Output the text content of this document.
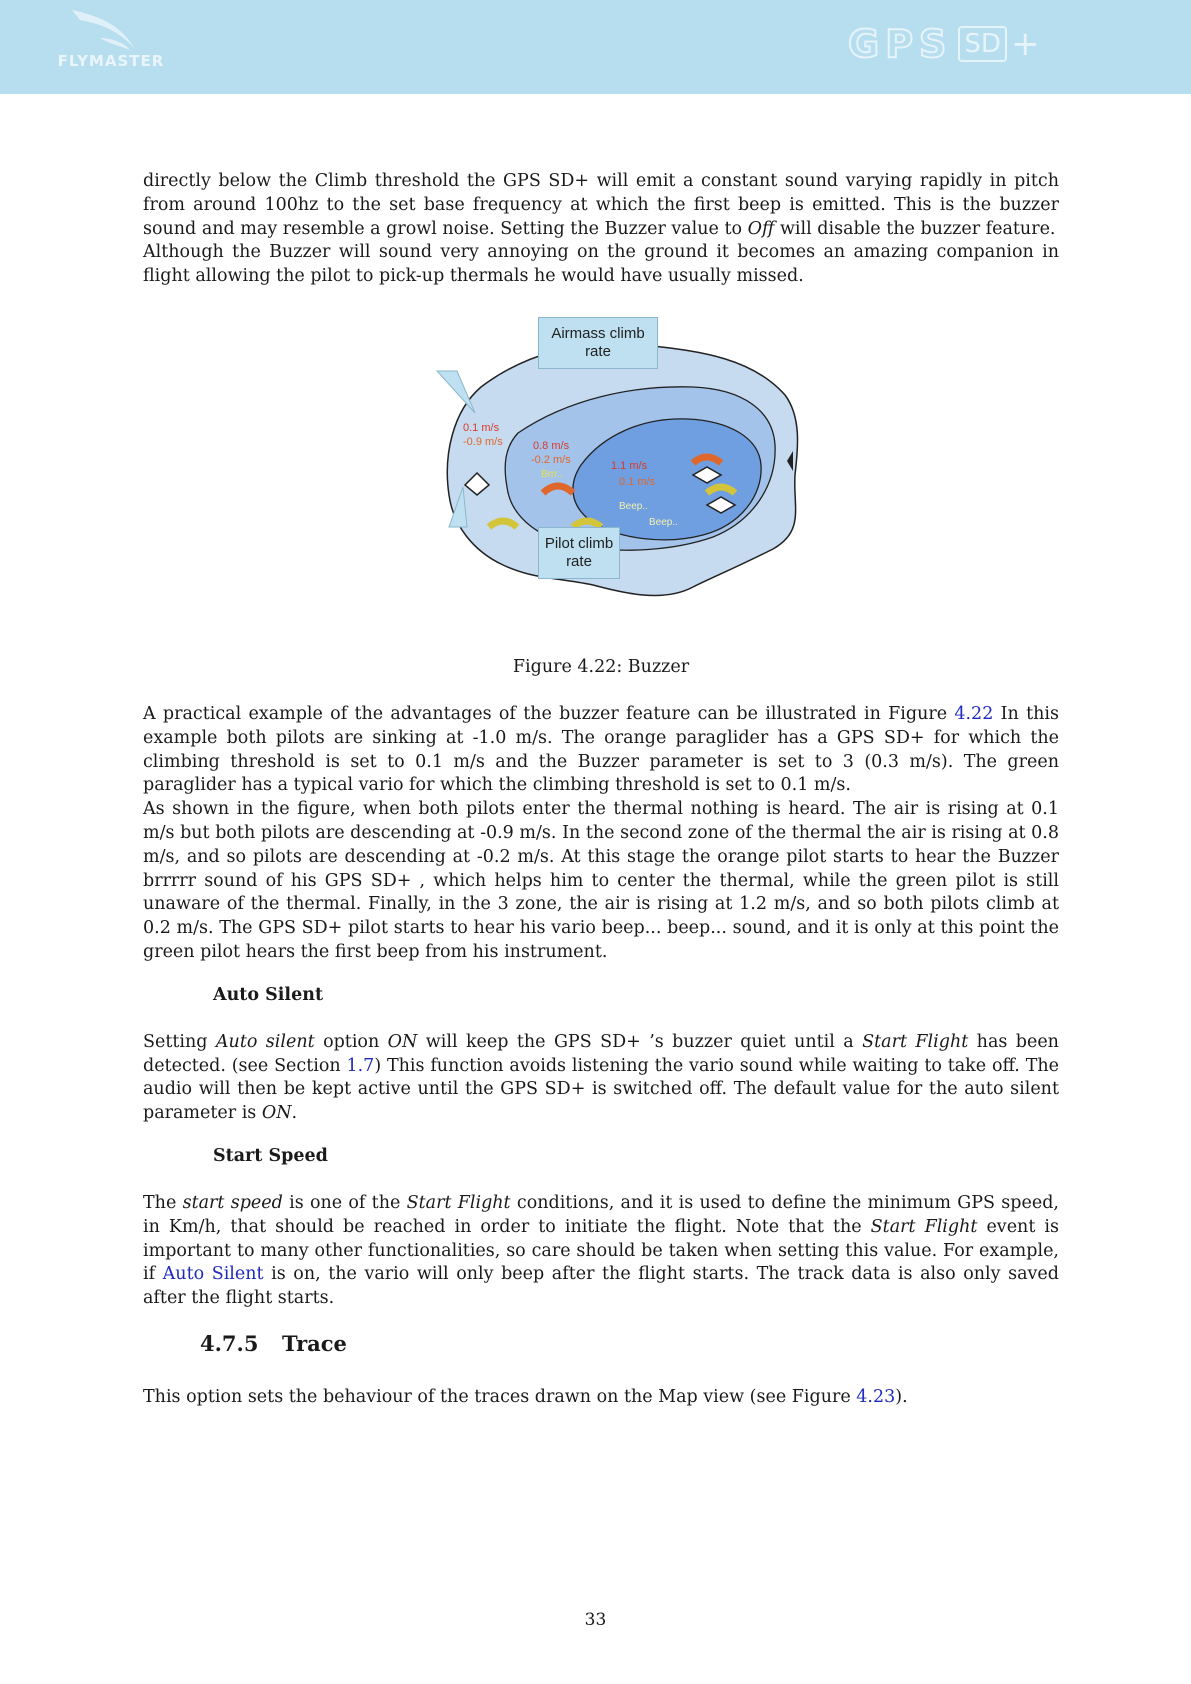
FLYMASTER	GPS SD +

directly below the Climb threshold the GPS SD+ will emit a constant sound varying rapidly in pitch from around 100hz to the set base frequency at which the first beep is emitted. This is the buzzer sound and may resemble a growl noise. Setting the Buzzer value to Off will disable the buzzer feature.
Although the Buzzer will sound very annoying on the ground it becomes an amazing companion in flight allowing the pilot to pick-up thermals he would have usually missed.

0.1 m/s
-0.9 m/s	0.8 m/s
-0.2 m/s
Brrr..
1.1 m/s
0.1 m/s
Beep..
Beep..
Airmass climb
rate
Pilot climb
rate
Figure 4.22: Buzzer

A practical example of the advantages of the buzzer feature can be illustrated in Figure 4.22 In this example both pilots are sinking at -1.0 m/s. The orange paraglider has a GPS SD+ for which the climbing threshold is set to 0.1 m/s and the Buzzer parameter is set to 3 (0.3 m/s). The green paraglider has a typical vario for which the climbing threshold is set to 0.1 m/s.
As shown in the figure, when both pilots enter the thermal nothing is heard. The air is rising at 0.1 m/s but both pilots are descending at -0.9 m/s. In the second zone of the thermal the air is rising at 0.8 m/s, and so pilots are descending at -0.2 m/s. At this stage the orange pilot starts to hear the Buzzer brrrrr sound of his GPS SD+ , which helps him to center the thermal, while the green pilot is still unaware of the thermal. Finally, in the 3 zone, the air is rising at 1.2 m/s, and so both pilots climb at 0.2 m/s. The GPS SD+ pilot starts to hear his vario beep... beep... sound, and it is only at this point the green pilot hears the first beep from his instrument.

Auto Silent

Setting Auto silent option ON will keep the GPS SD+ ’s buzzer quiet until a Start Flight has been detected. (see Section 1.7) This function avoids listening the vario sound while waiting to take off. The audio will then be kept active until the GPS SD+ is switched off. The default value for the auto silent parameter is ON.

Start Speed

The start speed is one of the Start Flight conditions, and it is used to define the minimum GPS speed, in Km/h, that should be reached in order to initiate the flight. Note that the Start Flight event is important to many other functionalities, so care should be taken when setting this value. For example, if Auto Silent is on, the vario will only beep after the flight starts. The track data is also only saved after the flight starts.

4.7.5 Trace

This option sets the behaviour of the traces drawn on the Map view (see Figure 4.23).

33
